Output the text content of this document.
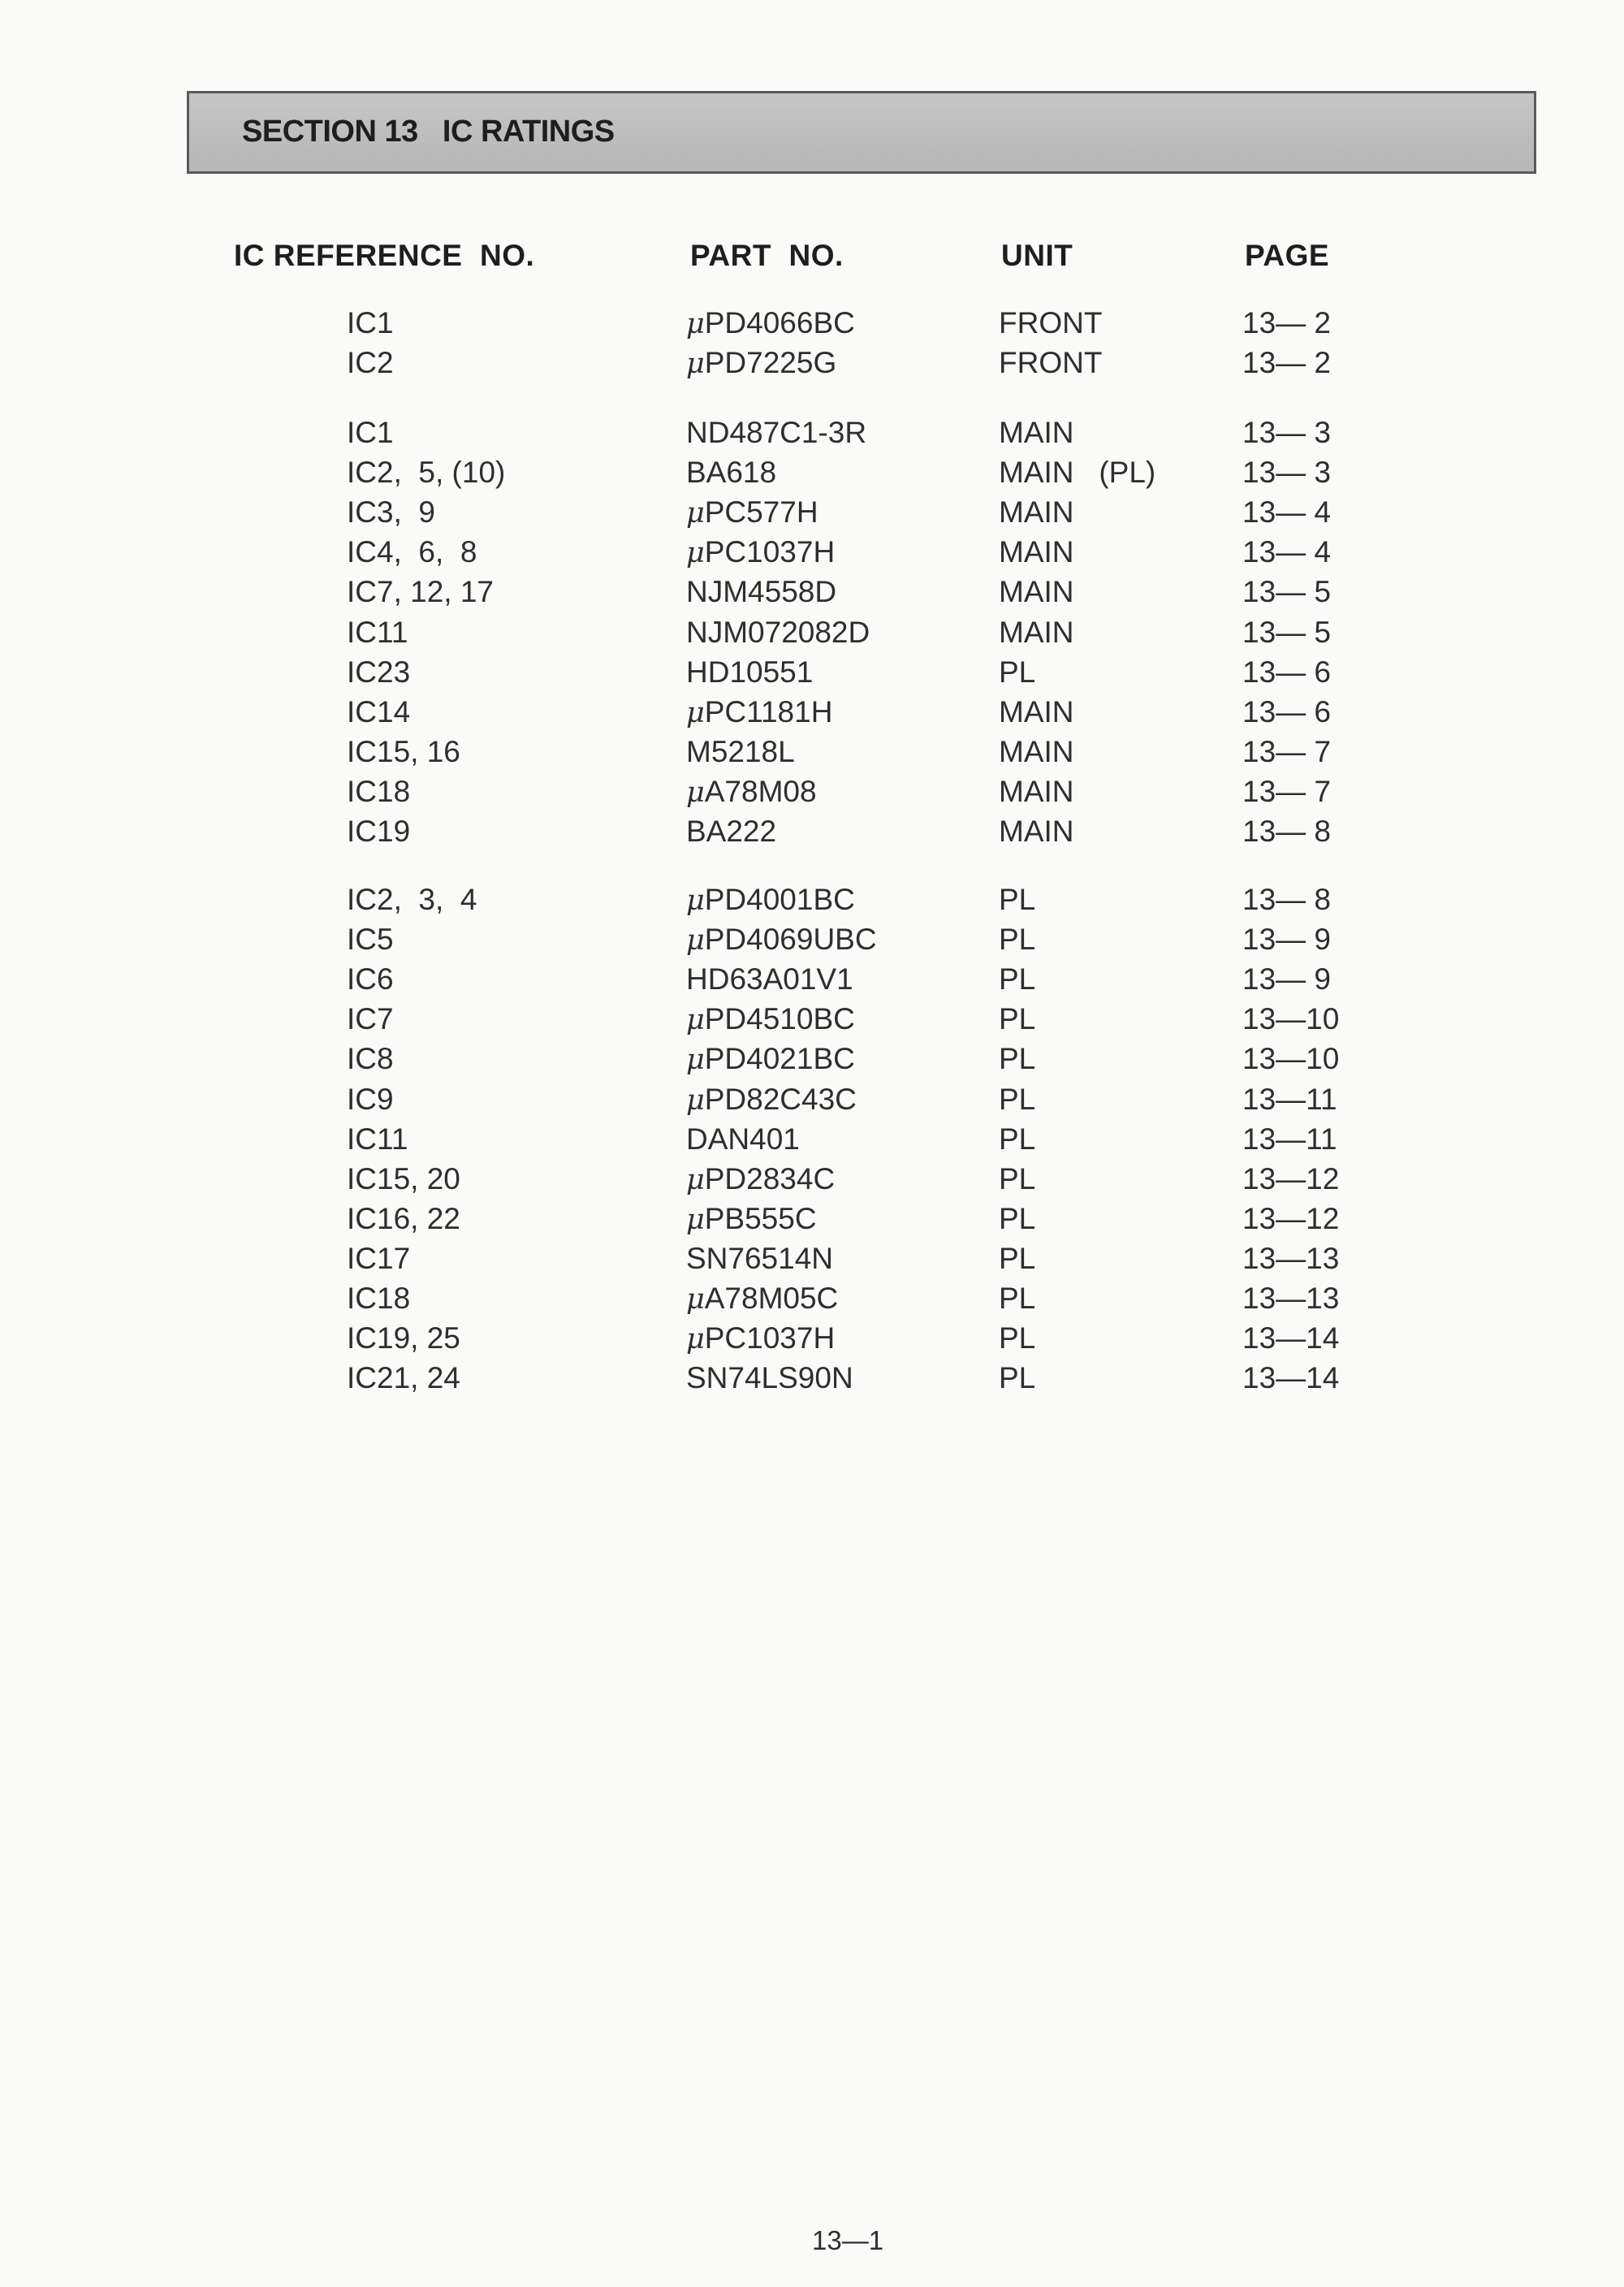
SECTION 13   IC RATINGS
IC REFERENCE  NO.	PART  NO.	UNIT	PAGE
IC1	μPD4066BC	FRONT	13— 2
IC2	μPD7225G	FRONT	13— 2
IC1	ND487C1-3R	MAIN	13— 3
IC2,  5, (10)	BA618	MAIN   (PL)	13— 3
IC3,  9	μPC577H	MAIN	13— 4
IC4,  6,  8	μPC1037H	MAIN	13— 4
IC7, 12, 17	NJM4558D	MAIN	13— 5
IC11	NJM072082D	MAIN	13— 5
IC23	HD10551	PL	13— 6
IC14	μPC1181H	MAIN	13— 6
IC15, 16	M5218L	MAIN	13— 7
IC18	μA78M08	MAIN	13— 7
IC19	BA222	MAIN	13— 8
IC2,  3,  4	μPD4001BC	PL	13— 8
IC5	μPD4069UBC	PL	13— 9
IC6	HD63A01V1	PL	13— 9
IC7	μPD4510BC	PL	13—10
IC8	μPD4021BC	PL	13—10
IC9	μPD82C43C	PL	13—11
IC11	DAN401	PL	13—11
IC15, 20	μPD2834C	PL	13—12
IC16, 22	μPB555C	PL	13—12
IC17	SN76514N	PL	13—13
IC18	μA78M05C	PL	13—13
IC19, 25	μPC1037H	PL	13—14
IC21, 24	SN74LS90N	PL	13—14
13—1
